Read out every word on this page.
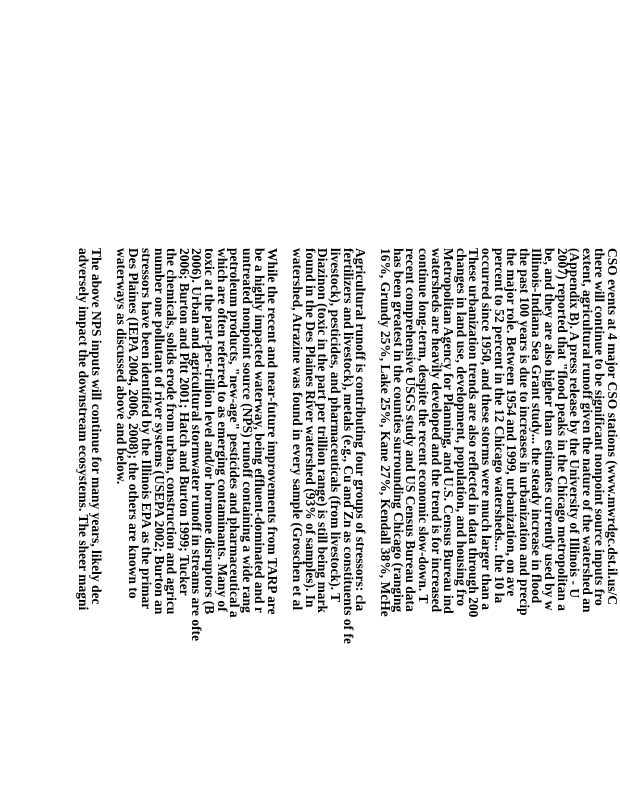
CSO events at 4 major CSO stations (www.mwrdgc.dst.il.us/C
there will continue to be significant nonpoint source inputs fro
extent, agricultural runoff given the nature of the watershed an
(Appendix B). A press release by the University of Illinois - U
2007) reported that "flood peaks in the Chicago metropolitan a
be, and they are also higher than estimates currently used by w
Illinois-Indiana Sea Grant study... the steady increase in flood
the past 100 years is due to increases in urbanization and precip
the major role. Between 1954 and 1999, urbanization, on ave
percent to 52 percent in the 12 Chicago watersheds... the 10 la
occurred since 1950, and these storms were much larger than a
These urbanization trends are also reflected in data through 200
changes in land use, development, population, and housing fro
Metropolitan Agency for Planning, and U.S. Census Bureau ind
watersheds are heavily developed and the trend is for increased
continue long-term, despite the recent economic slow-down. T
recent comprehensive USGS study and US Census Bureau data
has been greatest in the counties surrounding Chicago (ranging
16%, Grundy 25%, Lake 25%, Kane 27%, Kendall 38%, McHe
Agricultural runoff is contributing four groups of stressors: cla
fertilizers and livestock), metals (e.g., Cu and Zn as constituents of fe
livestock), pesticides, and pharmaceuticals (from livestock). T
Diazinon (toxic in the part per trillion range) is still being mark
found in the Des Plaines River watershed (93% of samples). In
watershed, Atrazine was found in every sample (Groschen et al
While the recent and near-future improvements from TARP are
be a highly impacted waterway, being effluent-dominated and r
untreated nonpoint source (NPS) runoff containing a wide rang
petroleum products, "new-age" pesticides and pharmaceutical a
which are often referred to as emerging contaminants. Many of
toxic at the part-per-trillion level and/or hormone disruptors (B
2006). Urban and agricultural stormwater runoff in streams are ofte
2006; Burton and Pitt 2001; Hatch and Burton 1999; Tucker
the chemicals, solids erode from urban, construction and agricu
number one pollutant of river systems (USEPA 2002; Burton an
stressors have been identified by the Illinois EPA as the primar
Des Plaines (IEPA 2004, 2006, 2008); the others are known to
waterways as discussed above and below.
The above NPS inputs will continue for many years, likely dec
adversely impact the downstream ecosystems. The sheer magni
